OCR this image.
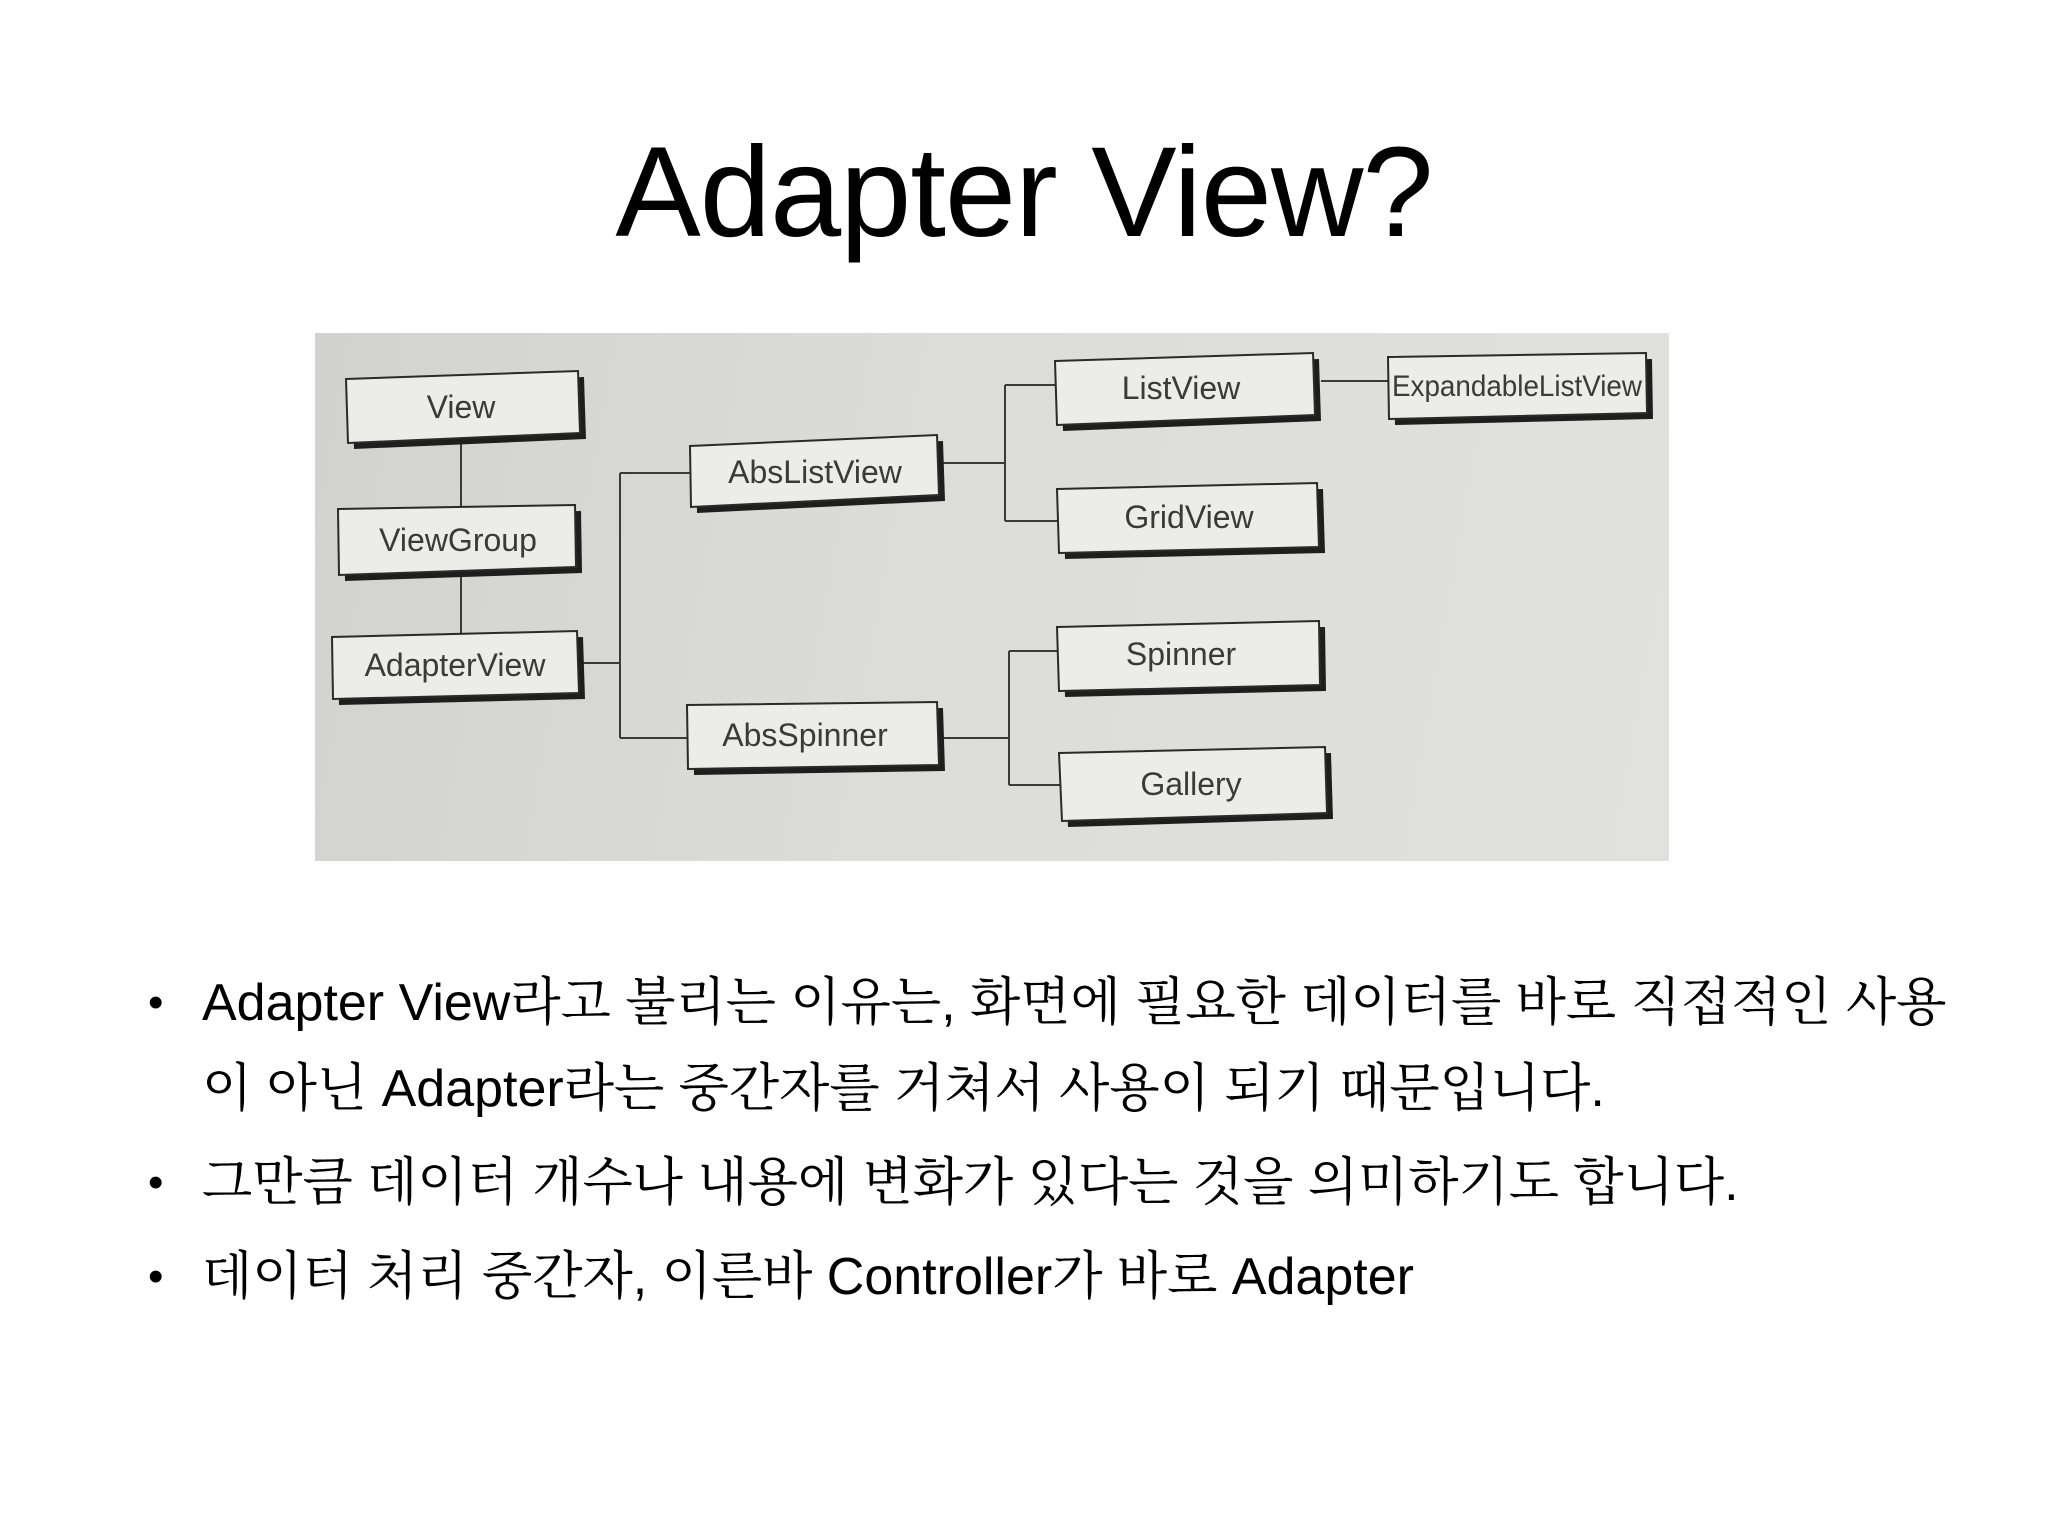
Adapter View?
View
ViewGroup
AdapterView
AbsListView
AbsSpinner
ListView
GridView
ExpandableListView
Spinner
Gallery
• Adapter View라고 불리는 이유는, 화면에 필요한 데이터를 바로 직접적인 사용이 아닌 Adapter라는 중간자를 거쳐서 사용이 되기 때문입니다.
• 그만큼 데이터 개수나 내용에 변화가 있다는 것을 의미하기도 합니다.
• 데이터 처리 중간자, 이른바 Controller가 바로 Adapter
